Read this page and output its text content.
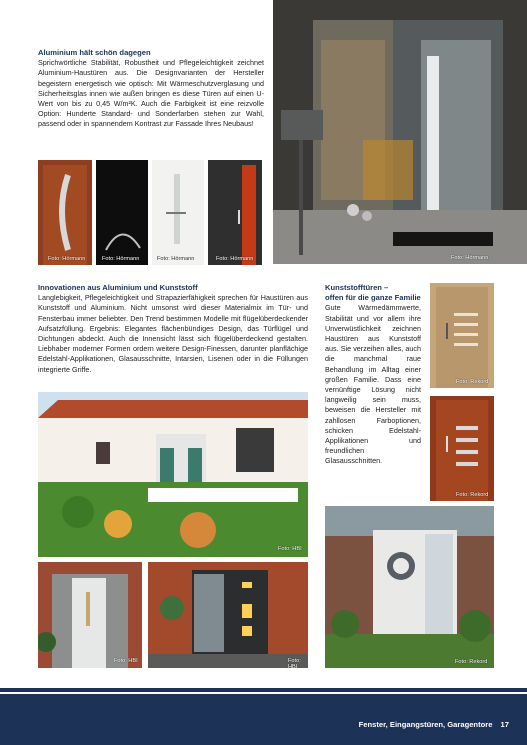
Aluminium hält schön dagegen
Sprichwörtliche Stabilität, Robustheit und Pflegeleichtigkeit zeichnet Aluminium-Haustüren aus. Die Designvarianten der Hersteller begeistern energetisch wie optisch: Mit Wärmeschutzverglasung und Sicherheitsglas innen wie außen bringen es diese Türen auf einen U-Wert von bis zu 0,45 W/m²K. Auch die Farbigkeit ist eine reizvolle Option: Hunderte Standard- und Sonderfarben stehen zur Wahl, passend oder in spannendem Kontrast zur Fassade Ihres Neubaus!
Foto: Hörmann
Foto: Hörmann	Foto: Hörmann	Foto: Hörmann	Foto: Hörmann
Innovationen aus Aluminium und Kunststoff
Langlebigkeit, Pflegeleichtigkeit und Strapazierfähigkeit sprechen für Haustüren aus Kunststoff und Aluminium. Nicht umsonst wird dieser Materialmix im Tür- und Fensterbau immer beliebter. Den Trend bestimmen Modelle mit flügelüberdeckender Aufsatzfüllung. Ergebnis: Elegantes flächenbündiges Design, das Türflügel und Dichtungen abdeckt. Auch die Innensicht lässt sich flügelüberdeckend gestalten. Liebhaber moderner Formen ordern weitere Design-Finessen, darunter planflächige Edelstahl-Applikationen, Glasausschnitte, Intarsien, Lisenen oder in die Füllungen integrierte Griffe.
Foto: HBI
Foto: HBI	Foto: HBI
Kunststofftüren –
offen für die ganze Familie
Gute Wärmedämmwerte, Stabilität und vor allem ihre Unverwüstlichkeit zeichnen Haustüren aus Kunststoff aus. Sie verzeihen alles, auch die manchmal raue Behandlung im Alltag einer großen Familie. Dass eine vernünftige Lösung nicht langweilig sein muss, beweisen die Hersteller mit zahllosen Farboptionen, schicken Edelstahl-Applikationen und freundlichen Glasausschnitten.
Foto: Rekord
Foto: Rekord
Foto: Rekord
Fenster, Eingangstüren, Garagentore 17
